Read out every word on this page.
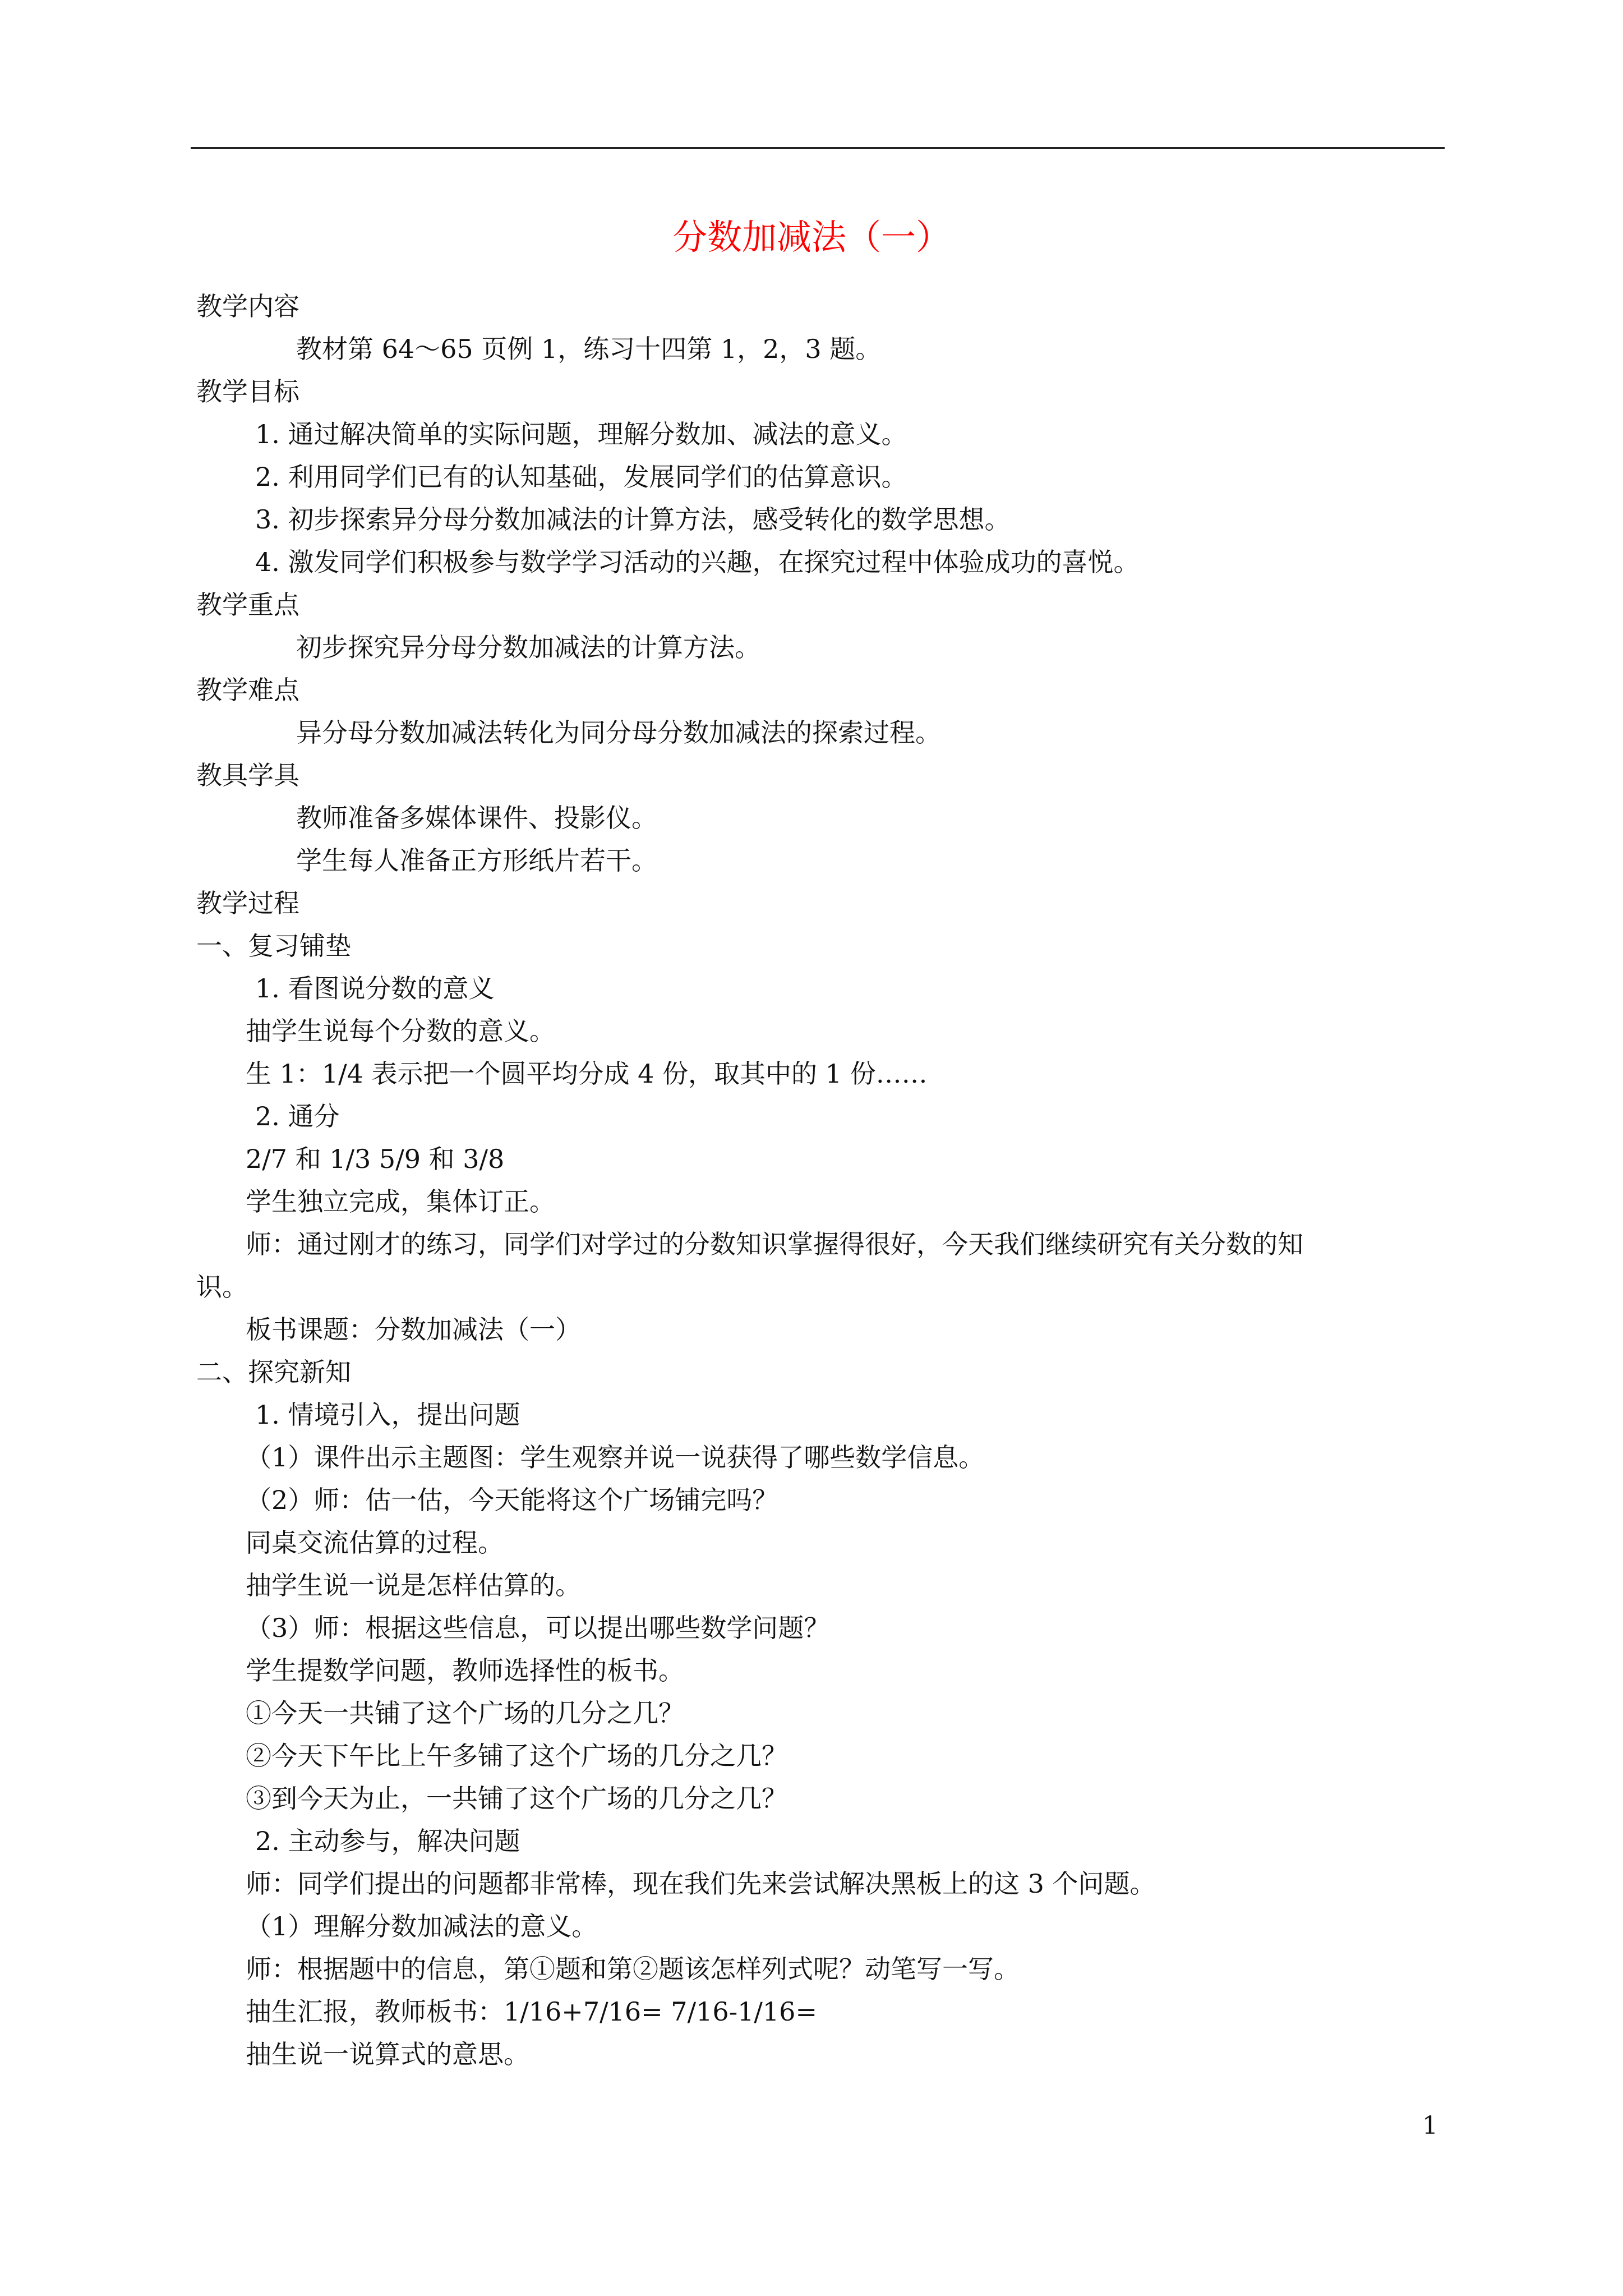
分数加减法（一）
教学内容
教材第 64～65 页例 1，练习十四第 1，2，3 题。
教学目标
1. 通过解决简单的实际问题，理解分数加、减法的意义。
2. 利用同学们已有的认知基础，发展同学们的估算意识。
3. 初步探索异分母分数加减法的计算方法，感受转化的数学思想。
4. 激发同学们积极参与数学学习活动的兴趣，在探究过程中体验成功的喜悦。
教学重点
初步探究异分母分数加减法的计算方法。
教学难点
异分母分数加减法转化为同分母分数加减法的探索过程。
教具学具
教师准备多媒体课件、投影仪。
学生每人准备正方形纸片若干。
教学过程
一、复习铺垫
1. 看图说分数的意义
抽学生说每个分数的意义。
生 1：1/4 表示把一个圆平均分成 4 份，取其中的 1 份……
2. 通分
2/7 和 1/3 5/9 和 3/8
学生独立完成，集体订正。
师：通过刚才的练习，同学们对学过的分数知识掌握得很好，今天我们继续研究有关分数的知
识。
板书课题：分数加减法（一）
二、探究新知
1. 情境引入，提出问题
（1）课件出示主题图：学生观察并说一说获得了哪些数学信息。
（2）师：估一估，今天能将这个广场铺完吗？
同桌交流估算的过程。
抽学生说一说是怎样估算的。
（3）师：根据这些信息，可以提出哪些数学问题？
学生提数学问题，教师选择性的板书。
①今天一共铺了这个广场的几分之几？
②今天下午比上午多铺了这个广场的几分之几？
③到今天为止，一共铺了这个广场的几分之几？
2. 主动参与，解决问题
师：同学们提出的问题都非常棒，现在我们先来尝试解决黑板上的这 3 个问题。
（1）理解分数加减法的意义。
师：根据题中的信息，第①题和第②题该怎样列式呢？动笔写一写。
抽生汇报，教师板书：1/16+7/16= 7/16-1/16=
抽生说一说算式的意思。
1
